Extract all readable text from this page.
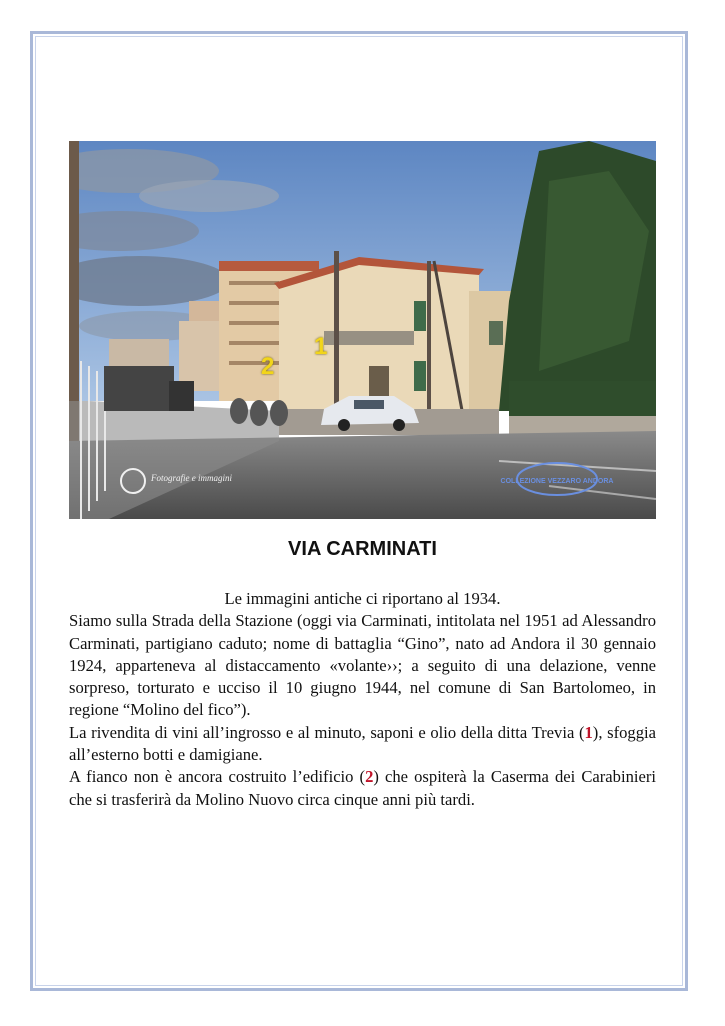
Fotografie e immagini	COLLEZIONE VEZZARO ANDORA
1
2
VIA CARMINATI

Le immagini antiche ci riportano al 1934.

Siamo sulla Strada della Stazione (oggi via Carminati, intitolata nel 1951 ad Alessandro Carminati, partigiano caduto; nome di battaglia “Gino”, nato ad Andora il 30 gennaio 1924, apparteneva al distaccamento «volante››; a seguito di una delazione, venne sorpreso, torturato e ucciso il 10 giugno 1944, nel comune di San Bartolomeo, in regione “Molino del fico”).

La rivendita di vini all’ingrosso e al minuto, saponi e olio della ditta Trevia (1), sfoggia all’esterno botti e damigiane.

A fianco non è ancora costruito l’edificio (2) che ospiterà la Caserma dei Carabinieri che si trasferirà da Molino Nuovo circa cinque anni più tardi.
